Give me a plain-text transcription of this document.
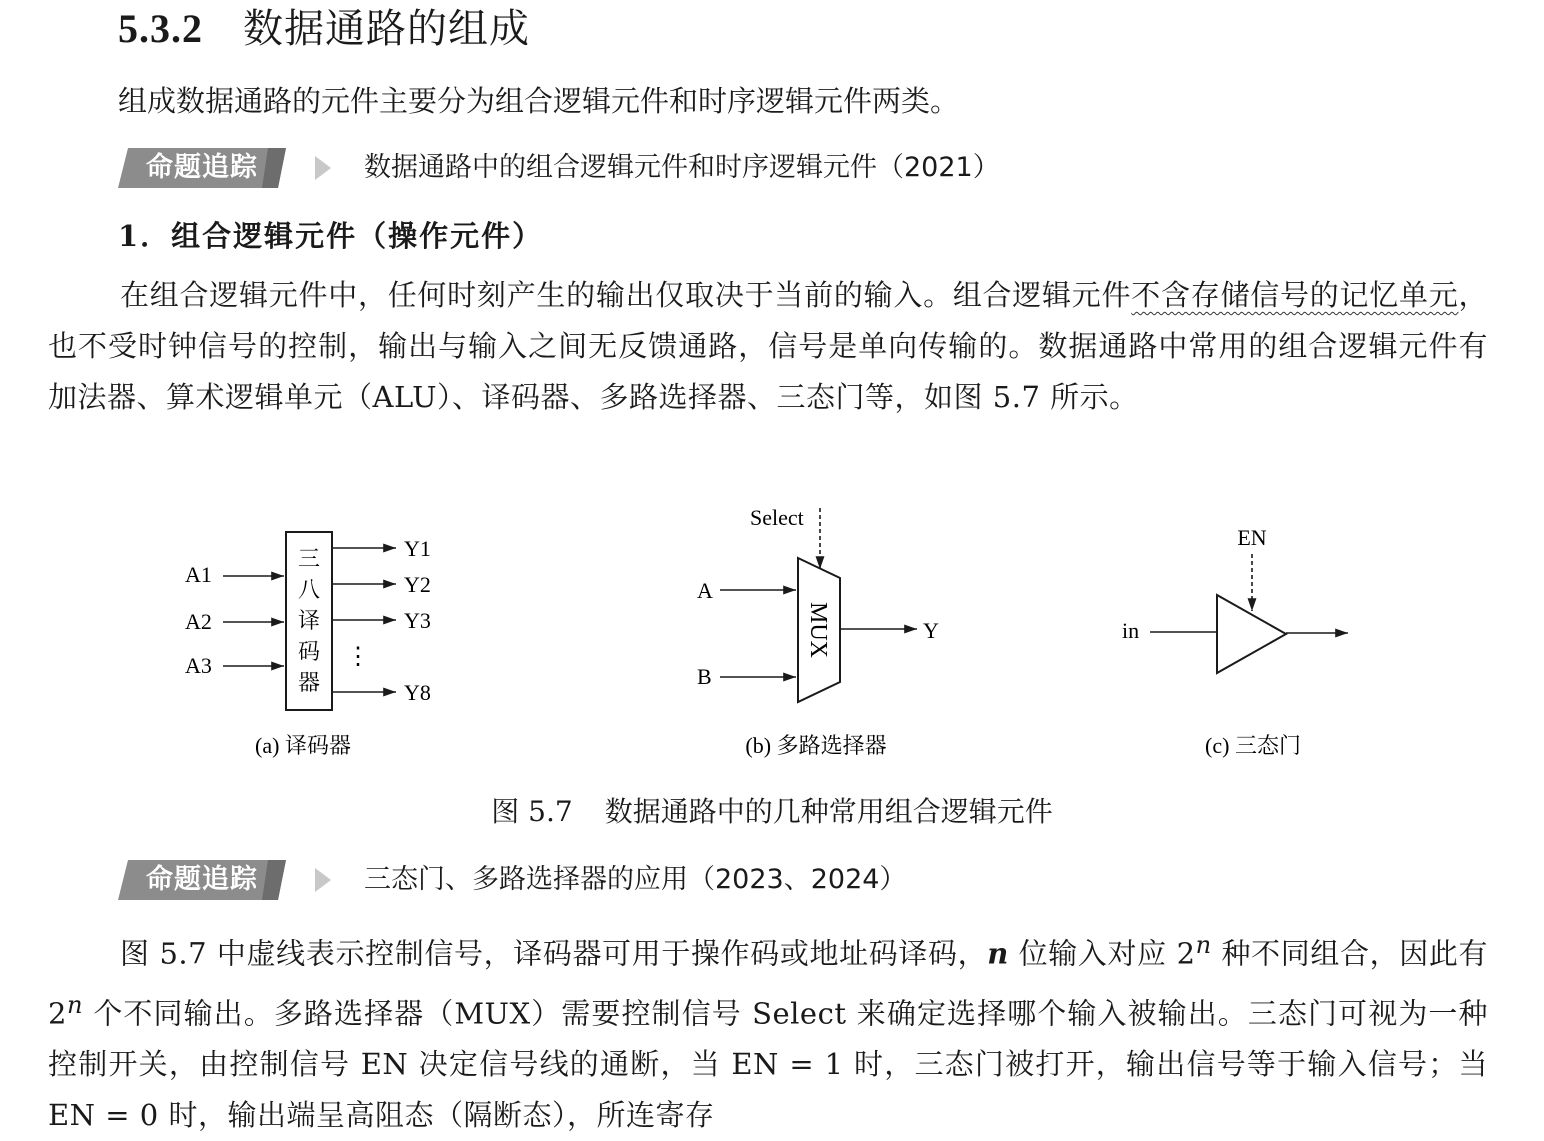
5.3.2 数据通路的组成
组成数据通路的元件主要分为组合逻辑元件和时序逻辑元件两类。
命题追踪	数据通路中的组合逻辑元件和时序逻辑元件（2021）
1．组合逻辑元件（操作元件）

在组合逻辑元件中，任何时刻产生的输出仅取决于当前的输入。组合逻辑元件不含存储信号的记忆单元，也不受时钟信号的控制，输出与输入之间无反馈通路，信号是单向传输的。数据通路中常用的组合逻辑元件有加法器、算术逻辑单元（ALU）、译码器、多路选择器、三态门等，如图 5.7 所示。

三
八
译
码
器
A1
A2
A3
Y1
Y2
Y3
Y8
⋮
(a) 译码器
Select
MUX
A
B
Y
(b) 多路选择器
EN
in
(c) 三态门
图 5.7 数据通路中的几种常用组合逻辑元件
命题追踪	三态门、多路选择器的应用（2023、2024）

图 5.7 中虚线表示控制信号，译码器可用于操作码或地址码译码，n 位输入对应 2$^n$ 种不同组合，因此有 2$^n$ 个不同输出。多路选择器（MUX）需要控制信号 Select 来确定选择哪个输入被输出。三态门可视为一种控制开关，由控制信号 EN 决定信号线的通断，当 EN = 1 时，三态门被打开，输出信号等于输入信号；当 EN = 0 时，输出端呈高阻态（隔断态），所连寄存
